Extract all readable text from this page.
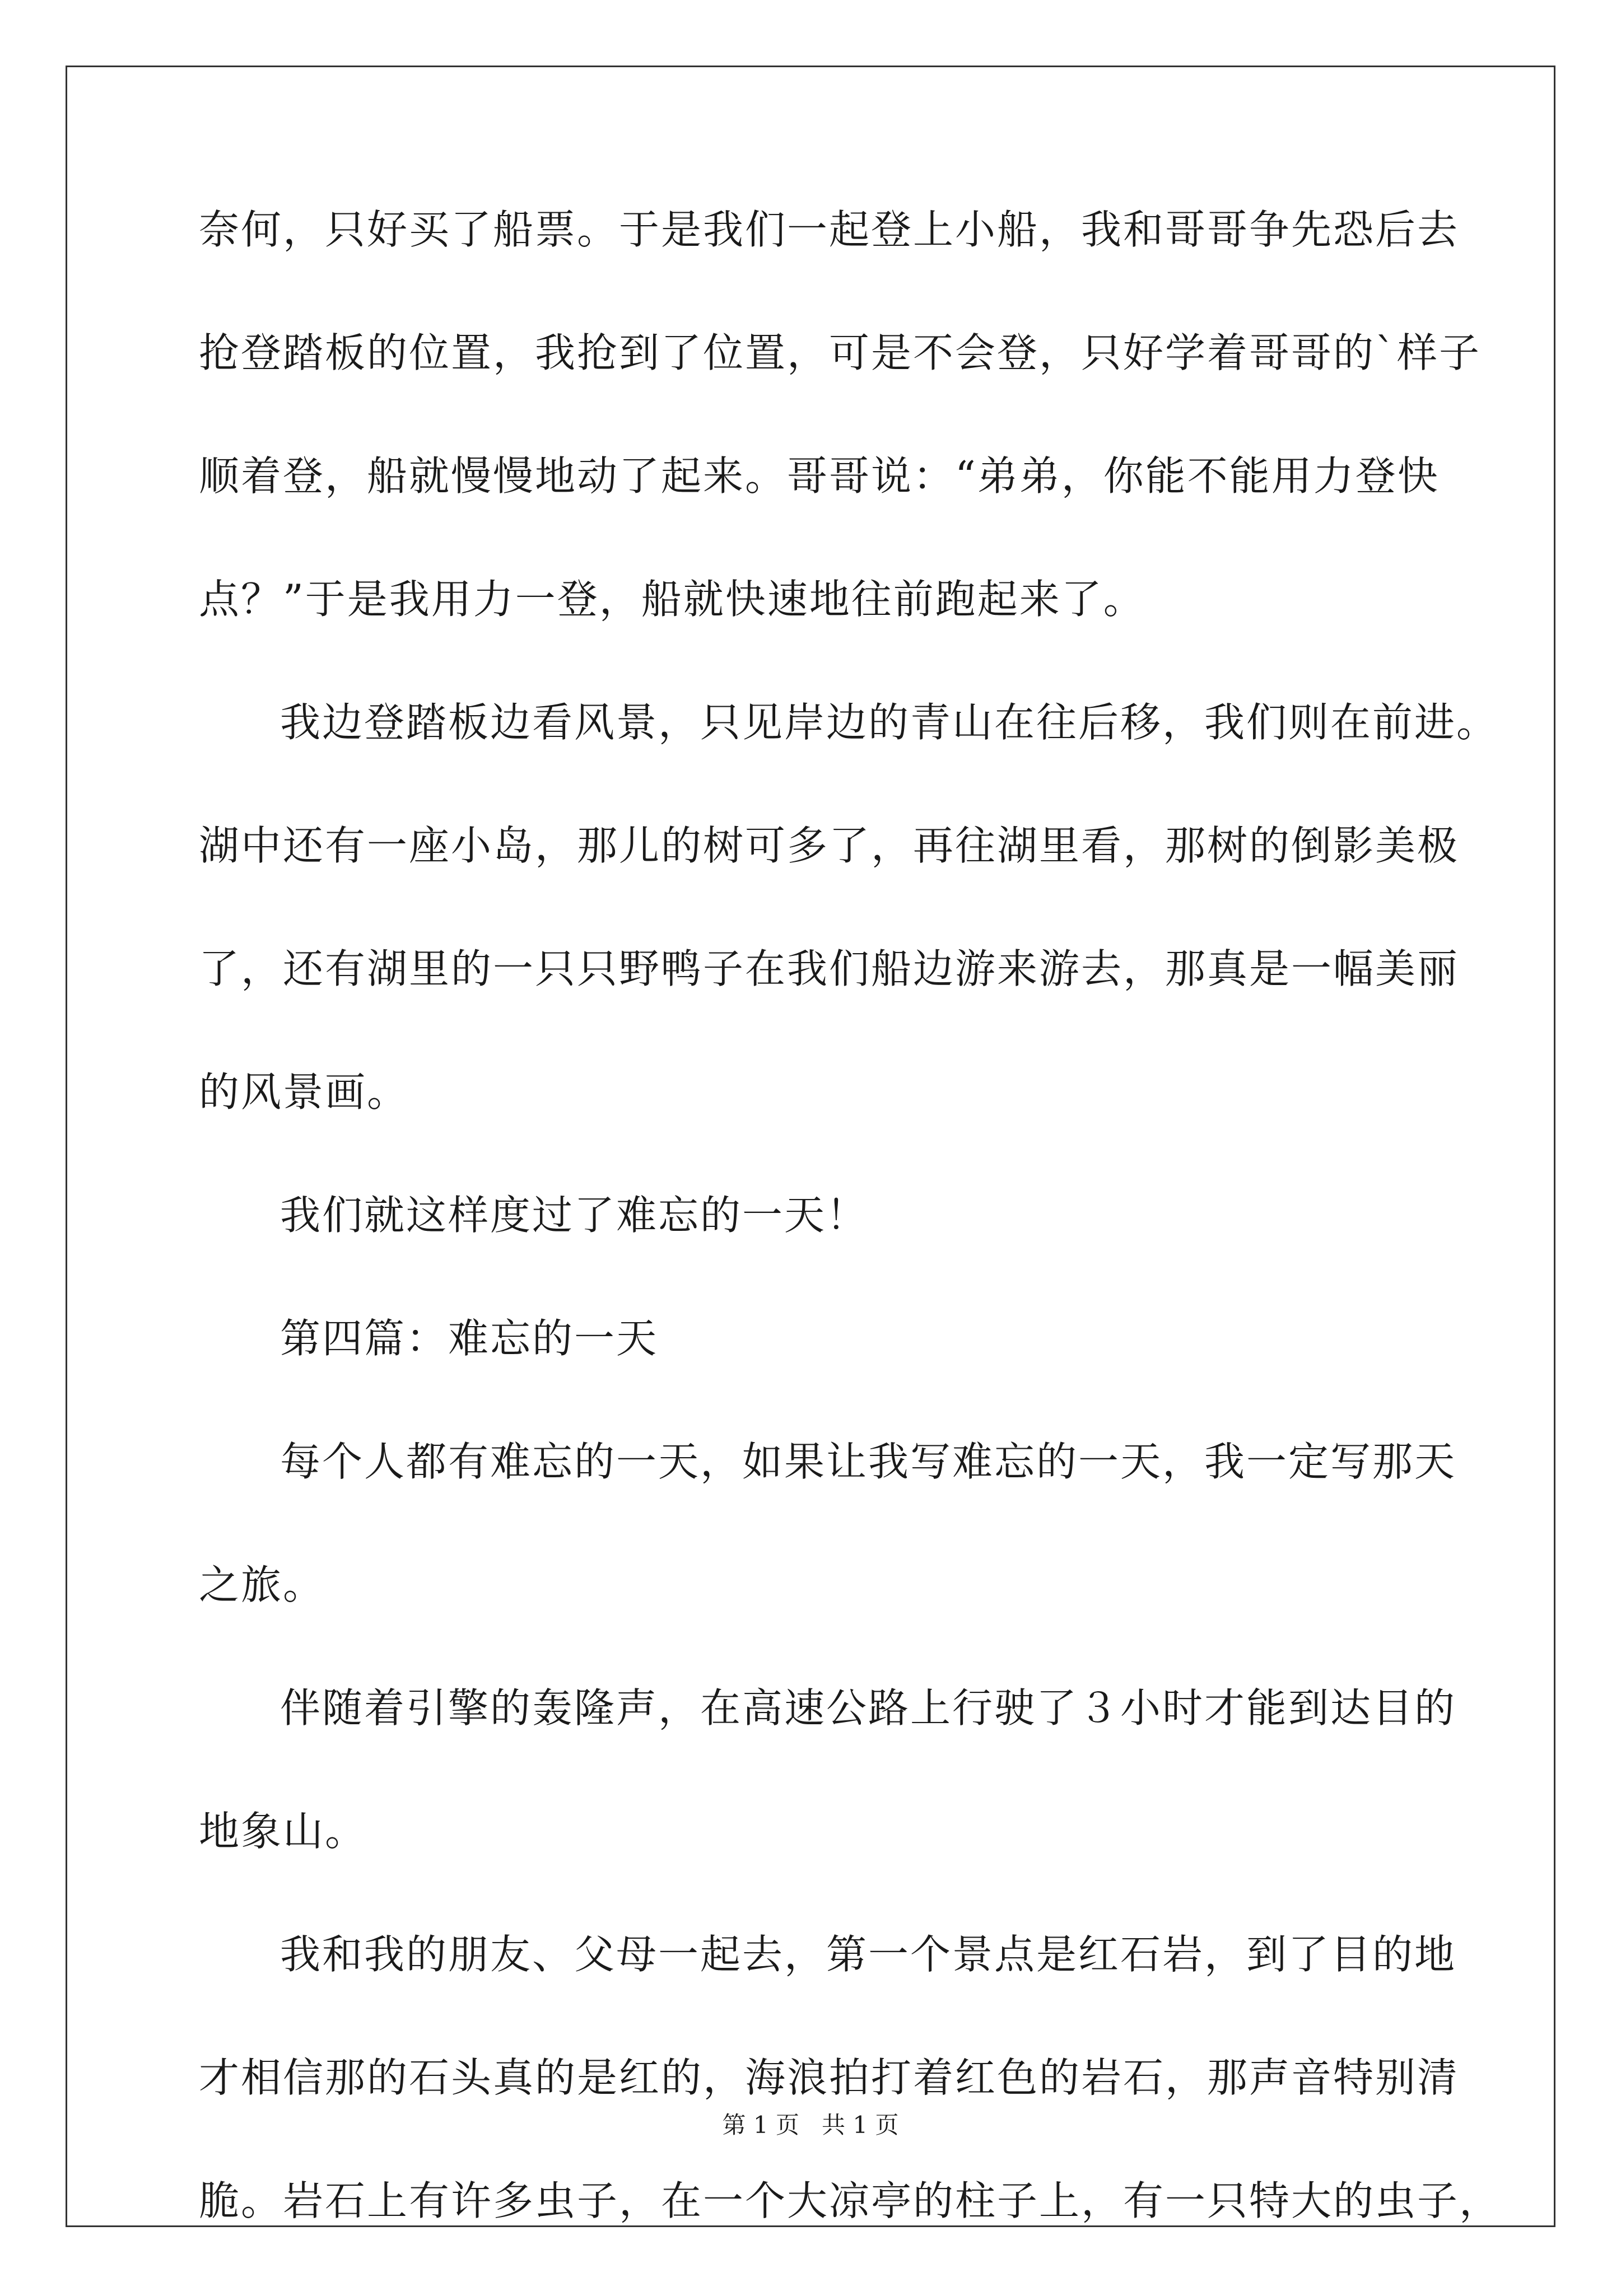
奈何，只好买了船票。于是我们一起登上小船，我和哥哥争先恐后去
抢登踏板的位置，我抢到了位置，可是不会登，只好学着哥哥的`样子
顺着登，船就慢慢地动了起来。哥哥说：“弟弟，你能不能用力登快
点？”于是我用力一登，船就快速地往前跑起来了。
我边登踏板边看风景，只见岸边的青山在往后移，我们则在前进。
湖中还有一座小岛，那儿的树可多了，再往湖里看，那树的倒影美极
了，还有湖里的一只只野鸭子在我们船边游来游去，那真是一幅美丽
的风景画。
我们就这样度过了难忘的一天！
第四篇：难忘的一天
每个人都有难忘的一天，如果让我写难忘的一天，我一定写那天
之旅。
伴随着引擎的轰隆声，在高速公路上行驶了３小时才能到达目的
地象山。
我和我的朋友、父母一起去，第一个景点是红石岩，到了目的地
才相信那的石头真的是红的，海浪拍打着红色的岩石，那声音特别清
脆。岩石上有许多虫子，在一个大凉亭的柱子上，有一只特大的虫子，
第 1 页   共 1 页
